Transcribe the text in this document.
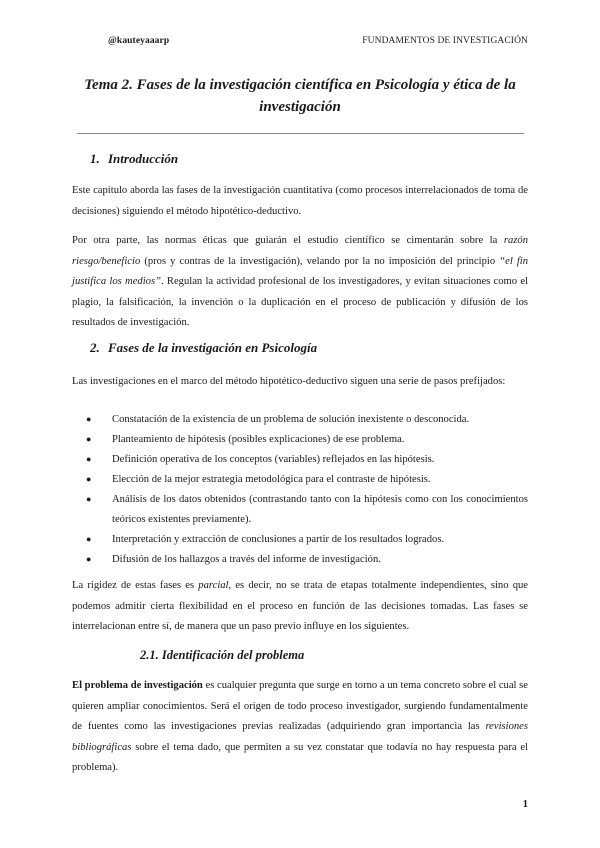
@kauteyaaarp	FUNDAMENTOS DE INVESTIGACIÓN
Tema 2. Fases de la investigación científica en Psicología y ética de la investigación
1. Introducción
Este capítulo aborda las fases de la investigación cuantitativa (como procesos interrelacionados de toma de decisiones) siguiendo el método hipotético-deductivo.
Por otra parte, las normas éticas que guiarán el estudio científico se cimentarán sobre la razón riesgo/beneficio (pros y contras de la investigación), velando por la no imposición del principio “el fin justifica los medios”. Regulan la actividad profesional de los investigadores, y evitan situaciones como el plagio, la falsificación, la invención o la duplicación en el proceso de publicación y difusión de los resultados de investigación.
2. Fases de la investigación en Psicología
Las investigaciones en el marco del método hipotético-deductivo siguen una serie de pasos prefijados:
● Constatación de la existencia de un problema de solución inexistente o desconocida.
● Planteamiento de hipótesis (posibles explicaciones) de ese problema.
● Definición operativa de los conceptos (variables) reflejados en las hipótesis.
● Elección de la mejor estrategia metodológica para el contraste de hipótesis.
● Análisis de los datos obtenidos (contrastando tanto con la hipótesis como con los conocimientos teóricos existentes previamente).
● Interpretación y extracción de conclusiones a partir de los resultados logrados.
● Difusión de los hallazgos a través del informe de investigación.
La rigidez de estas fases es parcial, es decir, no se trata de etapas totalmente independientes, sino que podemos admitir cierta flexibilidad en el proceso en función de las decisiones tomadas. Las fases se interrelacionan entre sí, de manera que un paso previo influye en los siguientes.
2.1. Identificación del problema
El problema de investigación es cualquier pregunta que surge en torno a un tema concreto sobre el cual se quieren ampliar conocimientos. Será el origen de todo proceso investigador, surgiendo fundamentalmente de fuentes como las investigaciones previas realizadas (adquiriendo gran importancia las revisiones bibliográficas sobre el tema dado, que permiten a su vez constatar que todavía no hay respuesta para el problema).
1
